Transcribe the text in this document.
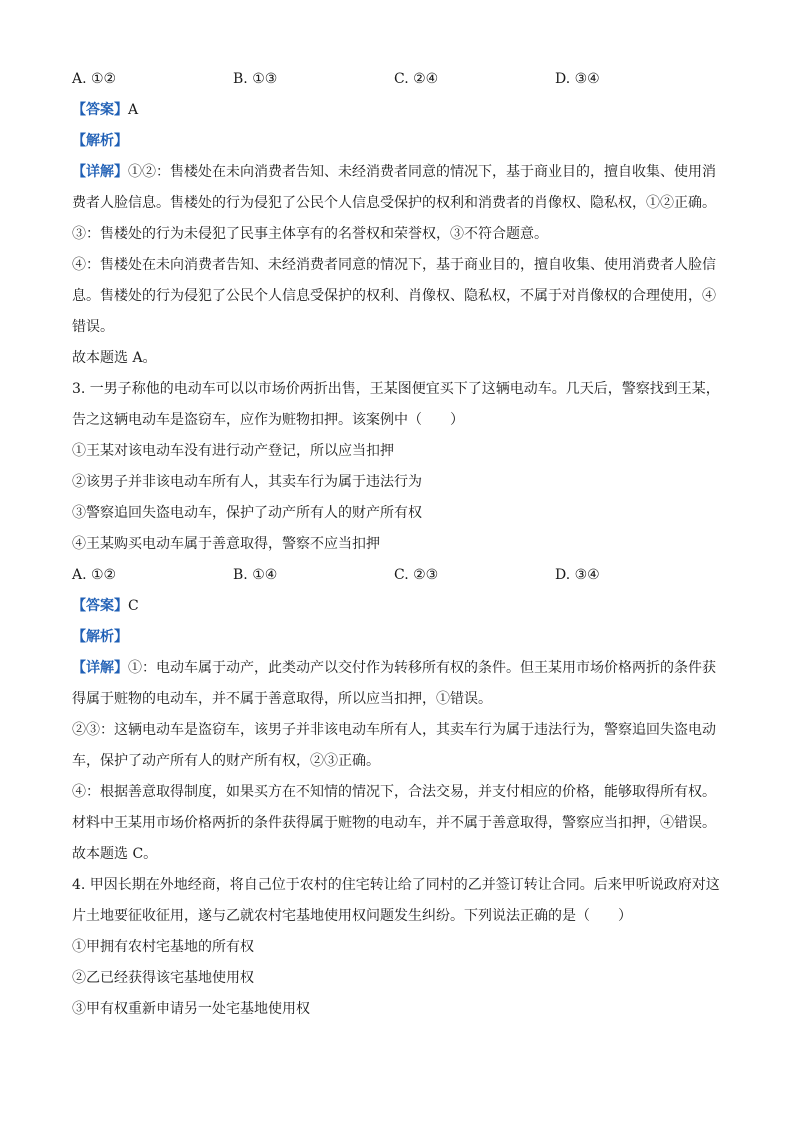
A. ①②	B. ①③	C. ②④	D. ③④
【答案】A
【解析】
【详解】①②：售楼处在未向消费者告知、未经消费者同意的情况下，基于商业目的，擅自收集、使用消
费者人脸信息。售楼处的行为侵犯了公民个人信息受保护的权利和消费者的肖像权、隐私权，①②正确。
③：售楼处的行为未侵犯了民事主体享有的名誉权和荣誉权，③不符合题意。
④：售楼处在未向消费者告知、未经消费者同意的情况下，基于商业目的，擅自收集、使用消费者人脸信
息。售楼处的行为侵犯了公民个人信息受保护的权利、肖像权、隐私权，不属于对肖像权的合理使用，④
错误。
故本题选 A。
3. 一男子称他的电动车可以以市场价两折出售，王某图便宜买下了这辆电动车。几天后，警察找到王某，
告之这辆电动车是盗窃车，应作为赃物扣押。该案例中（　　）
①王某对该电动车没有进行动产登记，所以应当扣押
②该男子并非该电动车所有人，其卖车行为属于违法行为
③警察追回失盗电动车，保护了动产所有人的财产所有权
④王某购买电动车属于善意取得，警察不应当扣押
A. ①②	B. ①④	C. ②③	D. ③④
【答案】C
【解析】
【详解】①：电动车属于动产，此类动产以交付作为转移所有权的条件。但王某用市场价格两折的条件获
得属于赃物的电动车，并不属于善意取得，所以应当扣押，①错误。
②③：这辆电动车是盗窃车，该男子并非该电动车所有人，其卖车行为属于违法行为，警察追回失盗电动
车，保护了动产所有人的财产所有权，②③正确。
④：根据善意取得制度，如果买方在不知情的情况下，合法交易，并支付相应的价格，能够取得所有权。
材料中王某用市场价格两折的条件获得属于赃物的电动车，并不属于善意取得，警察应当扣押，④错误。
故本题选 C。
4. 甲因长期在外地经商，将自己位于农村的住宅转让给了同村的乙并签订转让合同。后来甲听说政府对这
片土地要征收征用，遂与乙就农村宅基地使用权问题发生纠纷。下列说法正确的是（　　）
①甲拥有农村宅基地的所有权
②乙已经获得该宅基地使用权
③甲有权重新申请另一处宅基地使用权
